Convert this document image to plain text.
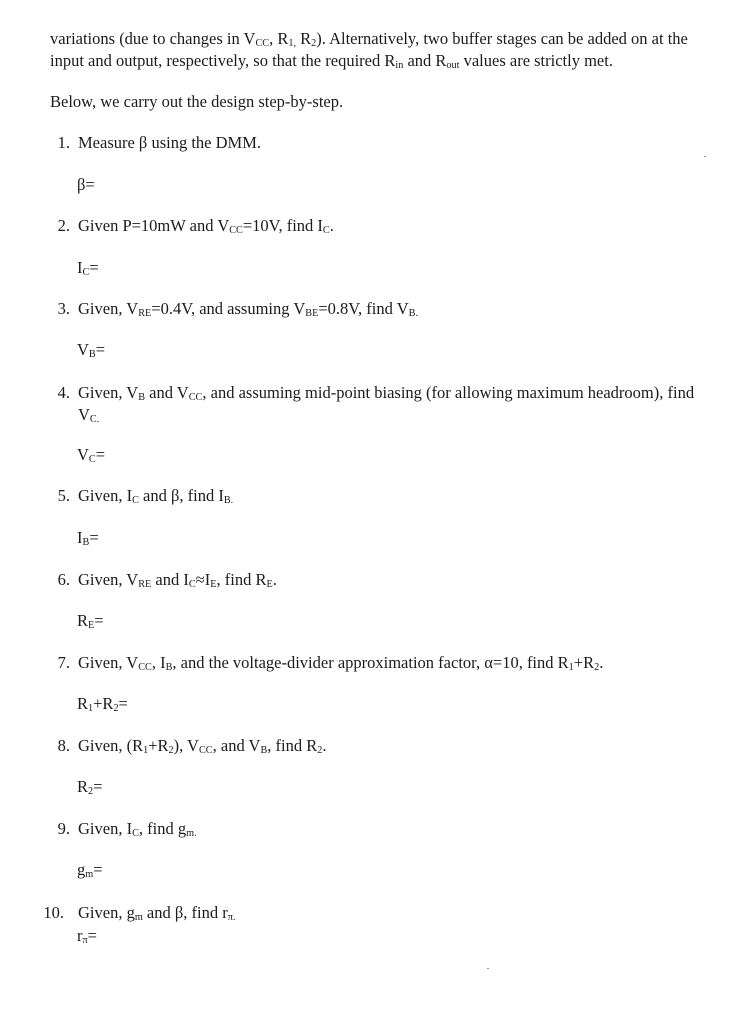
variations (due to changes in $V_{CC}$, $R_{1,}$ $R_2$). Alternatively, two buffer stages can be added on at the
input and output, respectively, so that the required $R_{in}$ and $R_{out}$ values are strictly met.
Below, we carry out the design step-by-step.
1. Measure β using the DMM.
β=
2. Given P=10mW and $V_{CC}=10V$, find $I_C$.
$I_C=$
3. Given, $V_{RE}=0.4V$, and assuming $V_{BE}=0.8V$, find $V_{B.}$
$V_B=$
4. Given, $V_B$ and $V_{CC}$, and assuming mid-point biasing (for allowing maximum headroom), find
$V_{C.}$
$V_C=$
5. Given, $I_C$ and β, find $I_{B.}$
$I_B=$
6. Given, $V_{RE}$ and $I_C\approx I_E$, find $R_E$.
$R_E=$
7. Given, $V_{CC}$, $I_B$, and the voltage-divider approximation factor, α=10, find $R_1+R_2$.
$R_1+R_2=$
8. Given, $(R_1+R_2)$, $V_{CC}$, and $V_B$, find $R_2$.
$R_2=$
9. Given, $I_C$, find $g_{m.}$
$g_m=$
10. Given, $g_m$ and β, find $r_{\pi.}$
$r_\pi=$
